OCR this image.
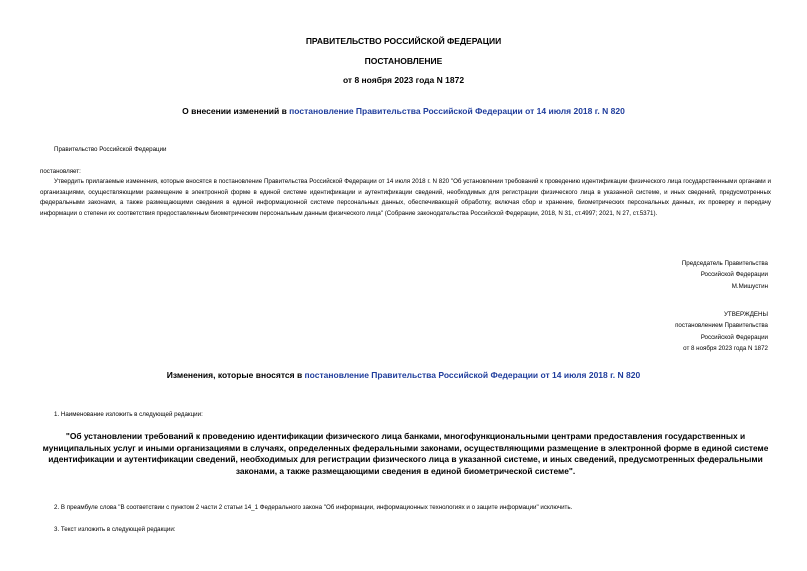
ПРАВИТЕЛЬСТВО РОССИЙСКОЙ ФЕДЕРАЦИИ
ПОСТАНОВЛЕНИЕ
от 8 ноября 2023 года N 1872
О внесении изменений в постановление Правительства Российской Федерации от 14 июля 2018 г. N 820
Правительство Российской Федерации
постановляет:
Утвердить прилагаемые изменения, которые вносятся в постановление Правительства Российской Федерации от 14 июля 2018 г. N 820 "Об установлении требований к проведению идентификации физического лица государственными органами и организациями, осуществляющими размещение в электронной форме в единой системе идентификации и аутентификации сведений, необходимых для регистрации физического лица в указанной системе, и иных сведений, предусмотренных федеральными законами, а также размещающими сведения в единой информационной системе персональных данных, обеспечивающей обработку, включая сбор и хранение, биометрических персональных данных, их проверку и передачу информации о степени их соответствия предоставленным биометрическим персональным данным физического лица" (Собрание законодательства Российской Федерации, 2018, N 31, ст.4997; 2021, N 27, ст.5371).
Председатель Правительства
Российской Федерации
М.Мишустин
УТВЕРЖДЕНЫ
постановлением Правительства
Российской Федерации
от 8 ноября 2023 года N 1872
Изменения, которые вносятся в постановление Правительства Российской Федерации от 14 июля 2018 г. N 820
1. Наименование изложить в следующей редакции:
"Об установлении требований к проведению идентификации физического лица банками, многофункциональными центрами предоставления государственных и муниципальных услуг и иными организациями в случаях, определенных федеральными законами, осуществляющими размещение в электронной форме в единой системе идентификации и аутентификации сведений, необходимых для регистрации физического лица в указанной системе, и иных сведений, предусмотренных федеральными законами, а также размещающими сведения в единой биометрической системе".
2. В преамбуле слова "В соответствии с пунктом 2 части 2 статьи 14_1 Федерального закона "Об информации, информационных технологиях и о защите информации" исключить.
3. Текст изложить в следующей редакции:
